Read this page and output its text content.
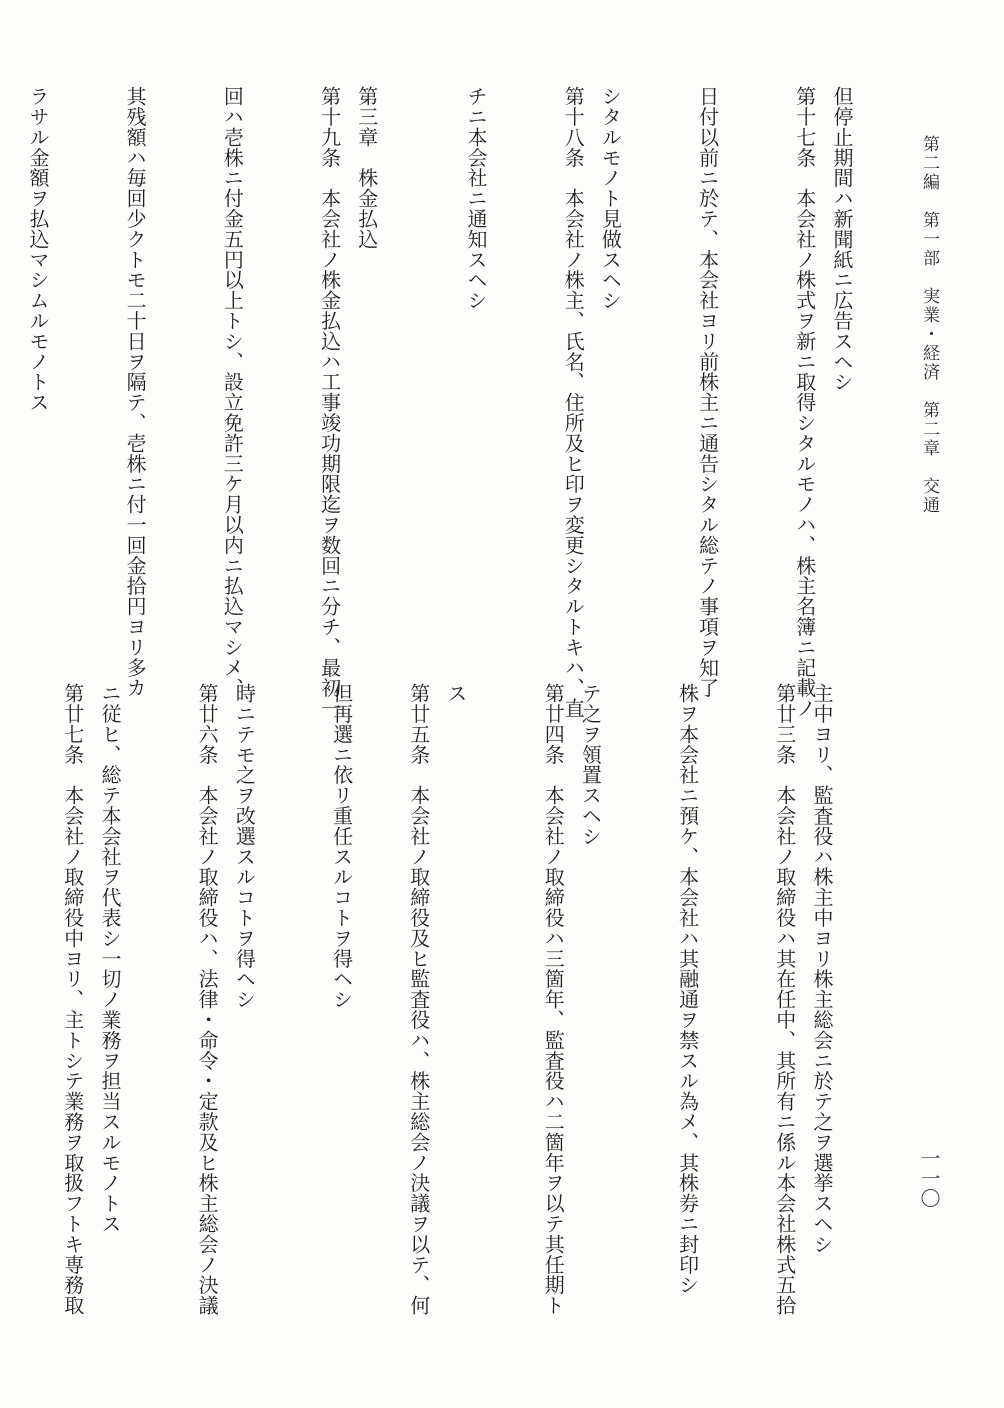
第二編　第一部　実業・経済　第二章　交通
一一〇
但停止期間ハ新聞紙ニ広告スヘシ
第十七条　本会社ノ株式ヲ新ニ取得シタルモノハ、株主名簿ニ記載ノ
日付以前ニ於テ、本会社ヨリ前株主ニ通告シタル総テノ事項ヲ知了
シタルモノト見做スヘシ
第十八条　本会社ノ株主、氏名、住所及ヒ印ヲ変更シタルトキハ、直
チニ本会社ニ通知スヘシ
第三章　株金払込
第十九条　本会社ノ株金払込ハ工事竣功期限迄ヲ数回ニ分チ、最初一
回ハ壱株ニ付金五円以上トシ、設立免許三ケ月以内ニ払込マシメ、
其残額ハ毎回少クトモ二十日ヲ隔テ、壱株ニ付一回金拾円ヨリ多カ
ラサル金額ヲ払込マシムルモノトス
主中ヨリ、監査役ハ株主中ヨリ株主総会ニ於テ之ヲ選挙スヘシ
第廿三条　本会社ノ取締役ハ其在任中、其所有ニ係ル本会社株式五拾
株ヲ本会社ニ預ケ、本会社ハ其融通ヲ禁スル為メ、其株券ニ封印シ
テ之ヲ領置スヘシ
第廿四条　本会社ノ取締役ハ三箇年、監査役ハ二箇年ヲ以テ其任期ト
ス
第廿五条　本会社ノ取締役及ヒ監査役ハ、株主総会ノ決議ヲ以テ、何
但再選ニ依リ重任スルコトヲ得ヘシ
時ニテモ之ヲ改選スルコトヲ得ヘシ
第廿六条　本会社ノ取締役ハ、法律・命令・定款及ヒ株主総会ノ決議
ニ従ヒ、総テ本会社ヲ代表シ一切ノ業務ヲ担当スルモノトス
第廿七条　本会社ノ取締役中ヨリ、主トシテ業務ヲ取扱フトキ専務取
